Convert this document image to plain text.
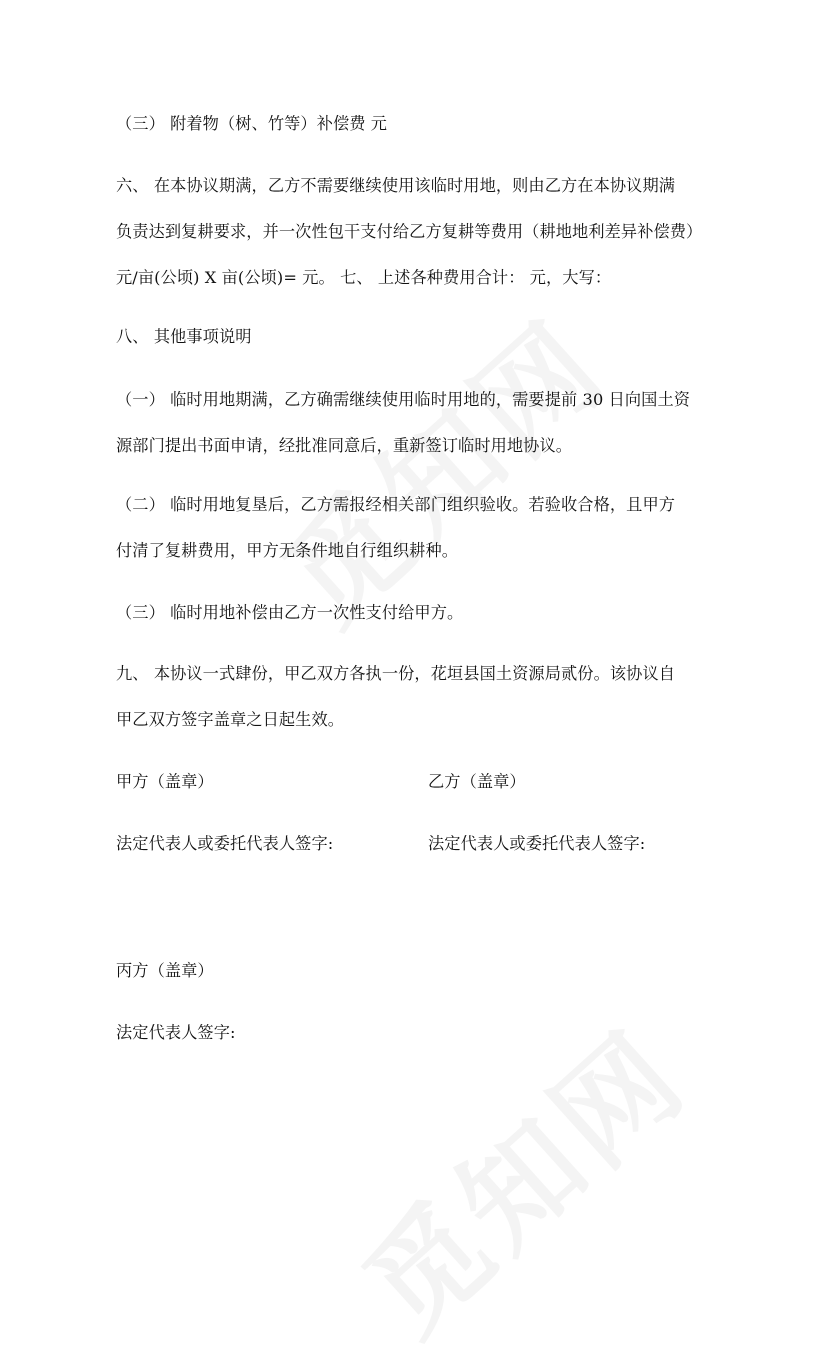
（三） 附着物（树、竹等）补偿费 元

六、 在本协议期满，乙方不需要继续使用该临时用地，则由乙方在本协议期满

负责达到复耕要求，并一次性包干支付给乙方复耕等费用（耕地地利差异补偿费）

元/亩(公顷) X 亩(公顷)= 元。 七、 上述各种费用合计： 元，大写：

八、 其他事项说明

（一） 临时用地期满，乙方确需继续使用临时用地的，需要提前 30 日向国土资

源部门提出书面申请，经批准同意后，重新签订临时用地协议。

（二） 临时用地复垦后，乙方需报经相关部门组织验收。若验收合格，且甲方

付清了复耕费用，甲方无条件地自行组织耕种。

（三） 临时用地补偿由乙方一次性支付给甲方。

九、 本协议一式肆份，甲乙双方各执一份，花垣县国土资源局贰份。该协议自

甲乙双方签字盖章之日起生效。

甲方（盖章）	乙方（盖章）

法定代表人或委托代表人签字:	法定代表人或委托代表人签字:

丙方（盖章）

法定代表人签字:
